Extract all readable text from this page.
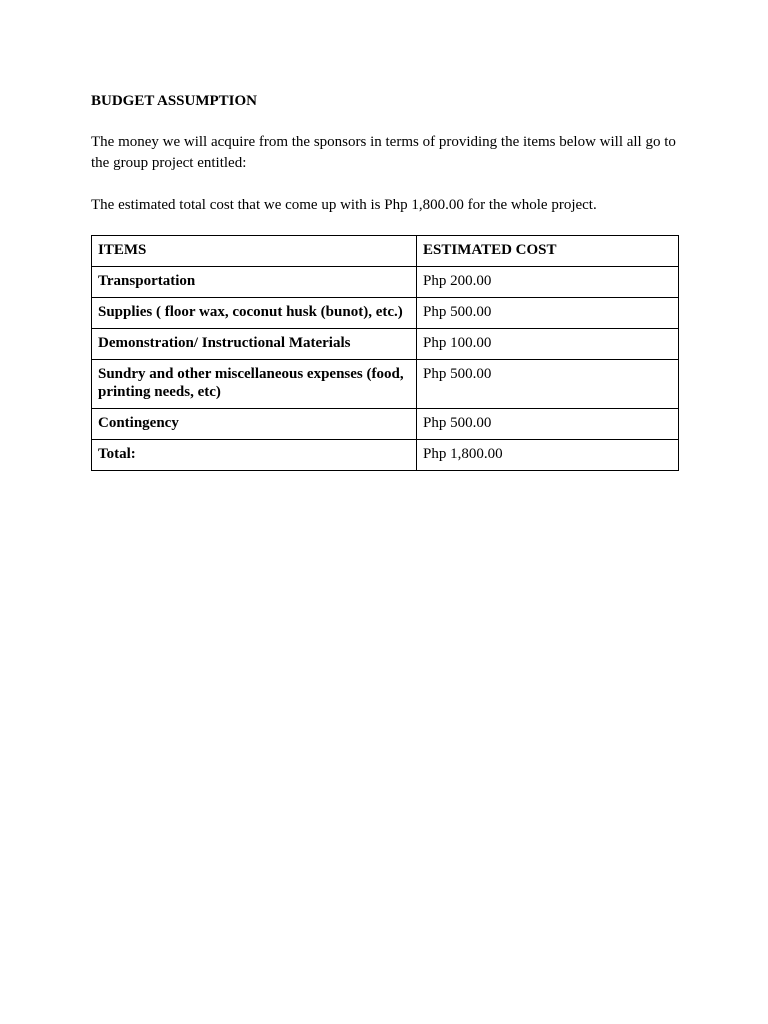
BUDGET ASSUMPTION

The money we will acquire from the sponsors in terms of providing the items below will all go to the group project entitled:

The estimated total cost that we come up with is Php 1,800.00 for the whole project.

ITEMS	ESTIMATED COST
Transportation	Php 200.00
Supplies ( floor wax, coconut husk (bunot), etc.)	Php 500.00
Demonstration/ Instructional Materials	Php 100.00
Sundry and other miscellaneous expenses (food, printing needs, etc)	Php 500.00
Contingency	Php 500.00
Total:	Php 1,800.00
